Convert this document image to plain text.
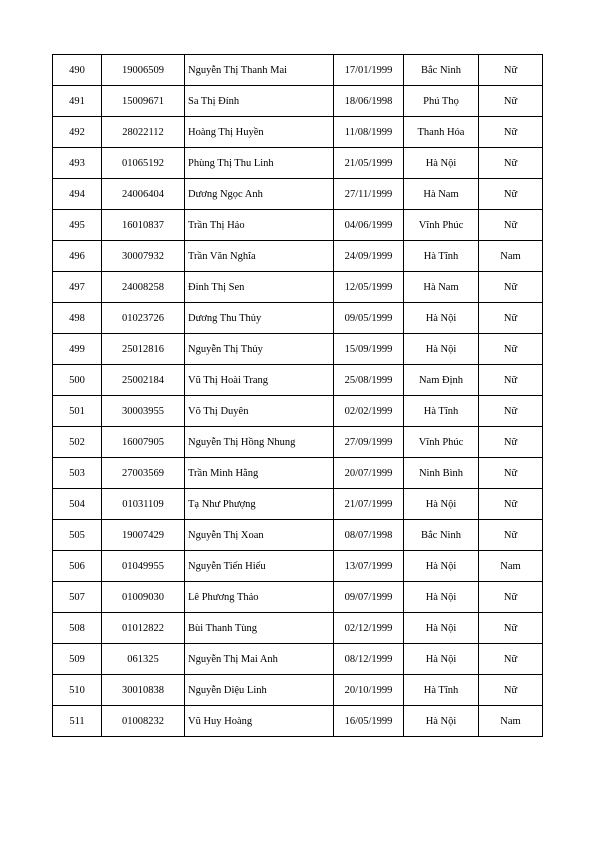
490	19006509	Nguyễn Thị Thanh Mai	17/01/1999	Bắc Ninh	Nữ
491	15009671	Sa Thị Đính	18/06/1998	Phú Thọ	Nữ
492	28022112	Hoàng Thị Huyền	11/08/1999	Thanh Hóa	Nữ
493	01065192	Phùng Thị Thu Linh	21/05/1999	Hà Nội	Nữ
494	24006404	Dương Ngọc Anh	27/11/1999	Hà Nam	Nữ
495	16010837	Trần Thị Hảo	04/06/1999	Vĩnh Phúc	Nữ
496	30007932	Trần Văn Nghĩa	24/09/1999	Hà Tĩnh	Nam
497	24008258	Đinh Thị Sen	12/05/1999	Hà Nam	Nữ
498	01023726	Dương Thu Thủy	09/05/1999	Hà Nội	Nữ
499	25012816	Nguyễn Thị Thủy	15/09/1999	Hà Nội	Nữ
500	25002184	Vũ Thị Hoài Trang	25/08/1999	Nam Định	Nữ
501	30003955	Võ Thị Duyên	02/02/1999	Hà Tĩnh	Nữ
502	16007905	Nguyễn Thị Hồng Nhung	27/09/1999	Vĩnh Phúc	Nữ
503	27003569	Trần Minh Hằng	20/07/1999	Ninh Bình	Nữ
504	01031109	Tạ Như Phượng	21/07/1999	Hà Nội	Nữ
505	19007429	Nguyễn Thị Xoan	08/07/1998	Bắc Ninh	Nữ
506	01049955	Nguyễn Tiến Hiếu	13/07/1999	Hà Nội	Nam
507	01009030	Lê Phương Thảo	09/07/1999	Hà Nội	Nữ
508	01012822	Bùi Thanh Tùng	02/12/1999	Hà Nội	Nữ
509	061325	Nguyễn Thị Mai Anh	08/12/1999	Hà Nội	Nữ
510	30010838	Nguyễn Diệu Linh	20/10/1999	Hà Tĩnh	Nữ
511	01008232	Vũ Huy Hoàng	16/05/1999	Hà Nội	Nam
